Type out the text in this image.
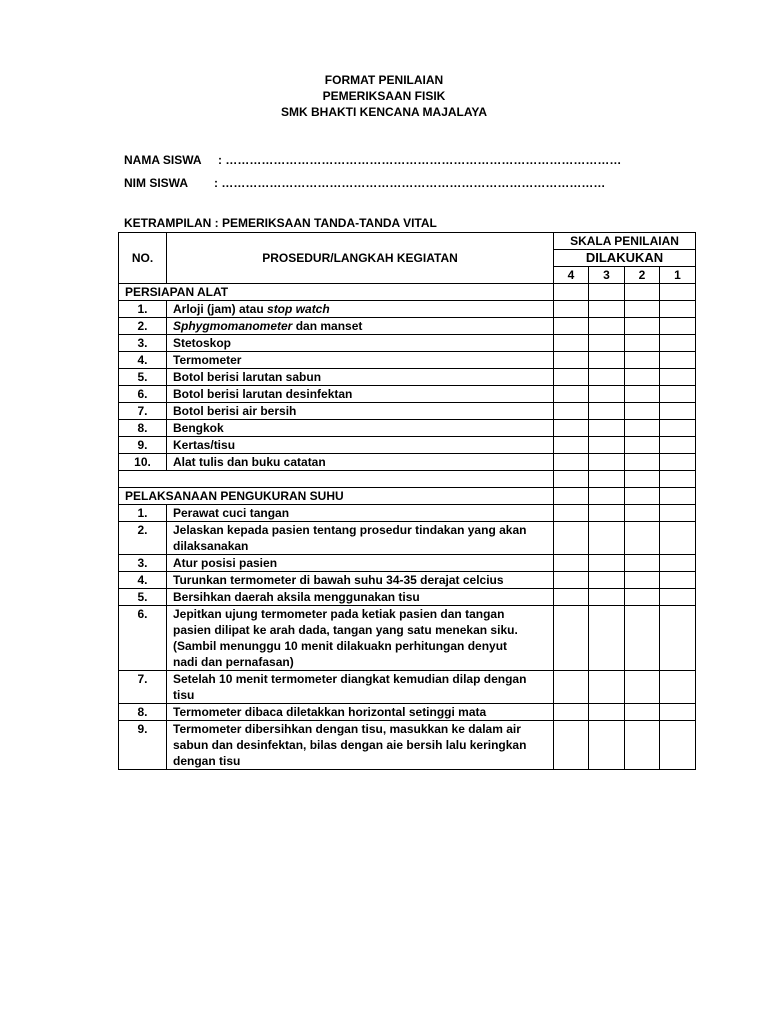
FORMAT PENILAIAN
PEMERIKSAAN FISIK
SMK BHAKTI KENCANA MAJALAYA
NAMA SISWA : ………………………………………………………………………………………
NIM SISWA : ……………………………………………………………………………………
KETRAMPILAN : PEMERIKSAAN TANDA-TANDA VITAL
NO.	PROSEDUR/LANGKAH KEGIATAN	SKALA PENILAIAN			
		DILAKUKAN			
		4	3	2	1
PERSIAPAN ALAT					
1.	Arloji (jam) atau stop watch				
2.	Sphygmomanometer dan manset				
3.	Stetoskop				
4.	Termometer				
5.	Botol berisi larutan sabun				
6.	Botol berisi larutan desinfektan				
7.	Botol berisi air bersih				
8.	Bengkok				
9.	Kertas/tisu				
10.	Alat tulis dan buku catatan				

PELAKSANAAN PENGUKURAN SUHU					
1.	Perawat cuci tangan				

2.	Jelaskan kepada pasien tentang prosedur tindakan yang akan
dilaksanakan				

3.	Atur posisi pasien				

4.	Turunkan termometer di bawah suhu 34-35 derajat celcius				

5.	Bersihkan daerah aksila menggunakan tisu				

6.	Jepitkan ujung termometer pada ketiak pasien dan tangan
pasien dilipat ke arah dada, tangan yang satu menekan siku.
(Sambil menunggu 10 menit dilakuakn perhitungan denyut
nadi dan pernafasan)				

7.	Setelah 10 menit termometer diangkat kemudian dilap dengan
tisu				

8.	Termometer dibaca diletakkan horizontal setinggi mata				

9.	Termometer dibersihkan dengan tisu, masukkan ke dalam air
sabun dan desinfektan, bilas dengan aie bersih lalu keringkan
dengan tisu				
